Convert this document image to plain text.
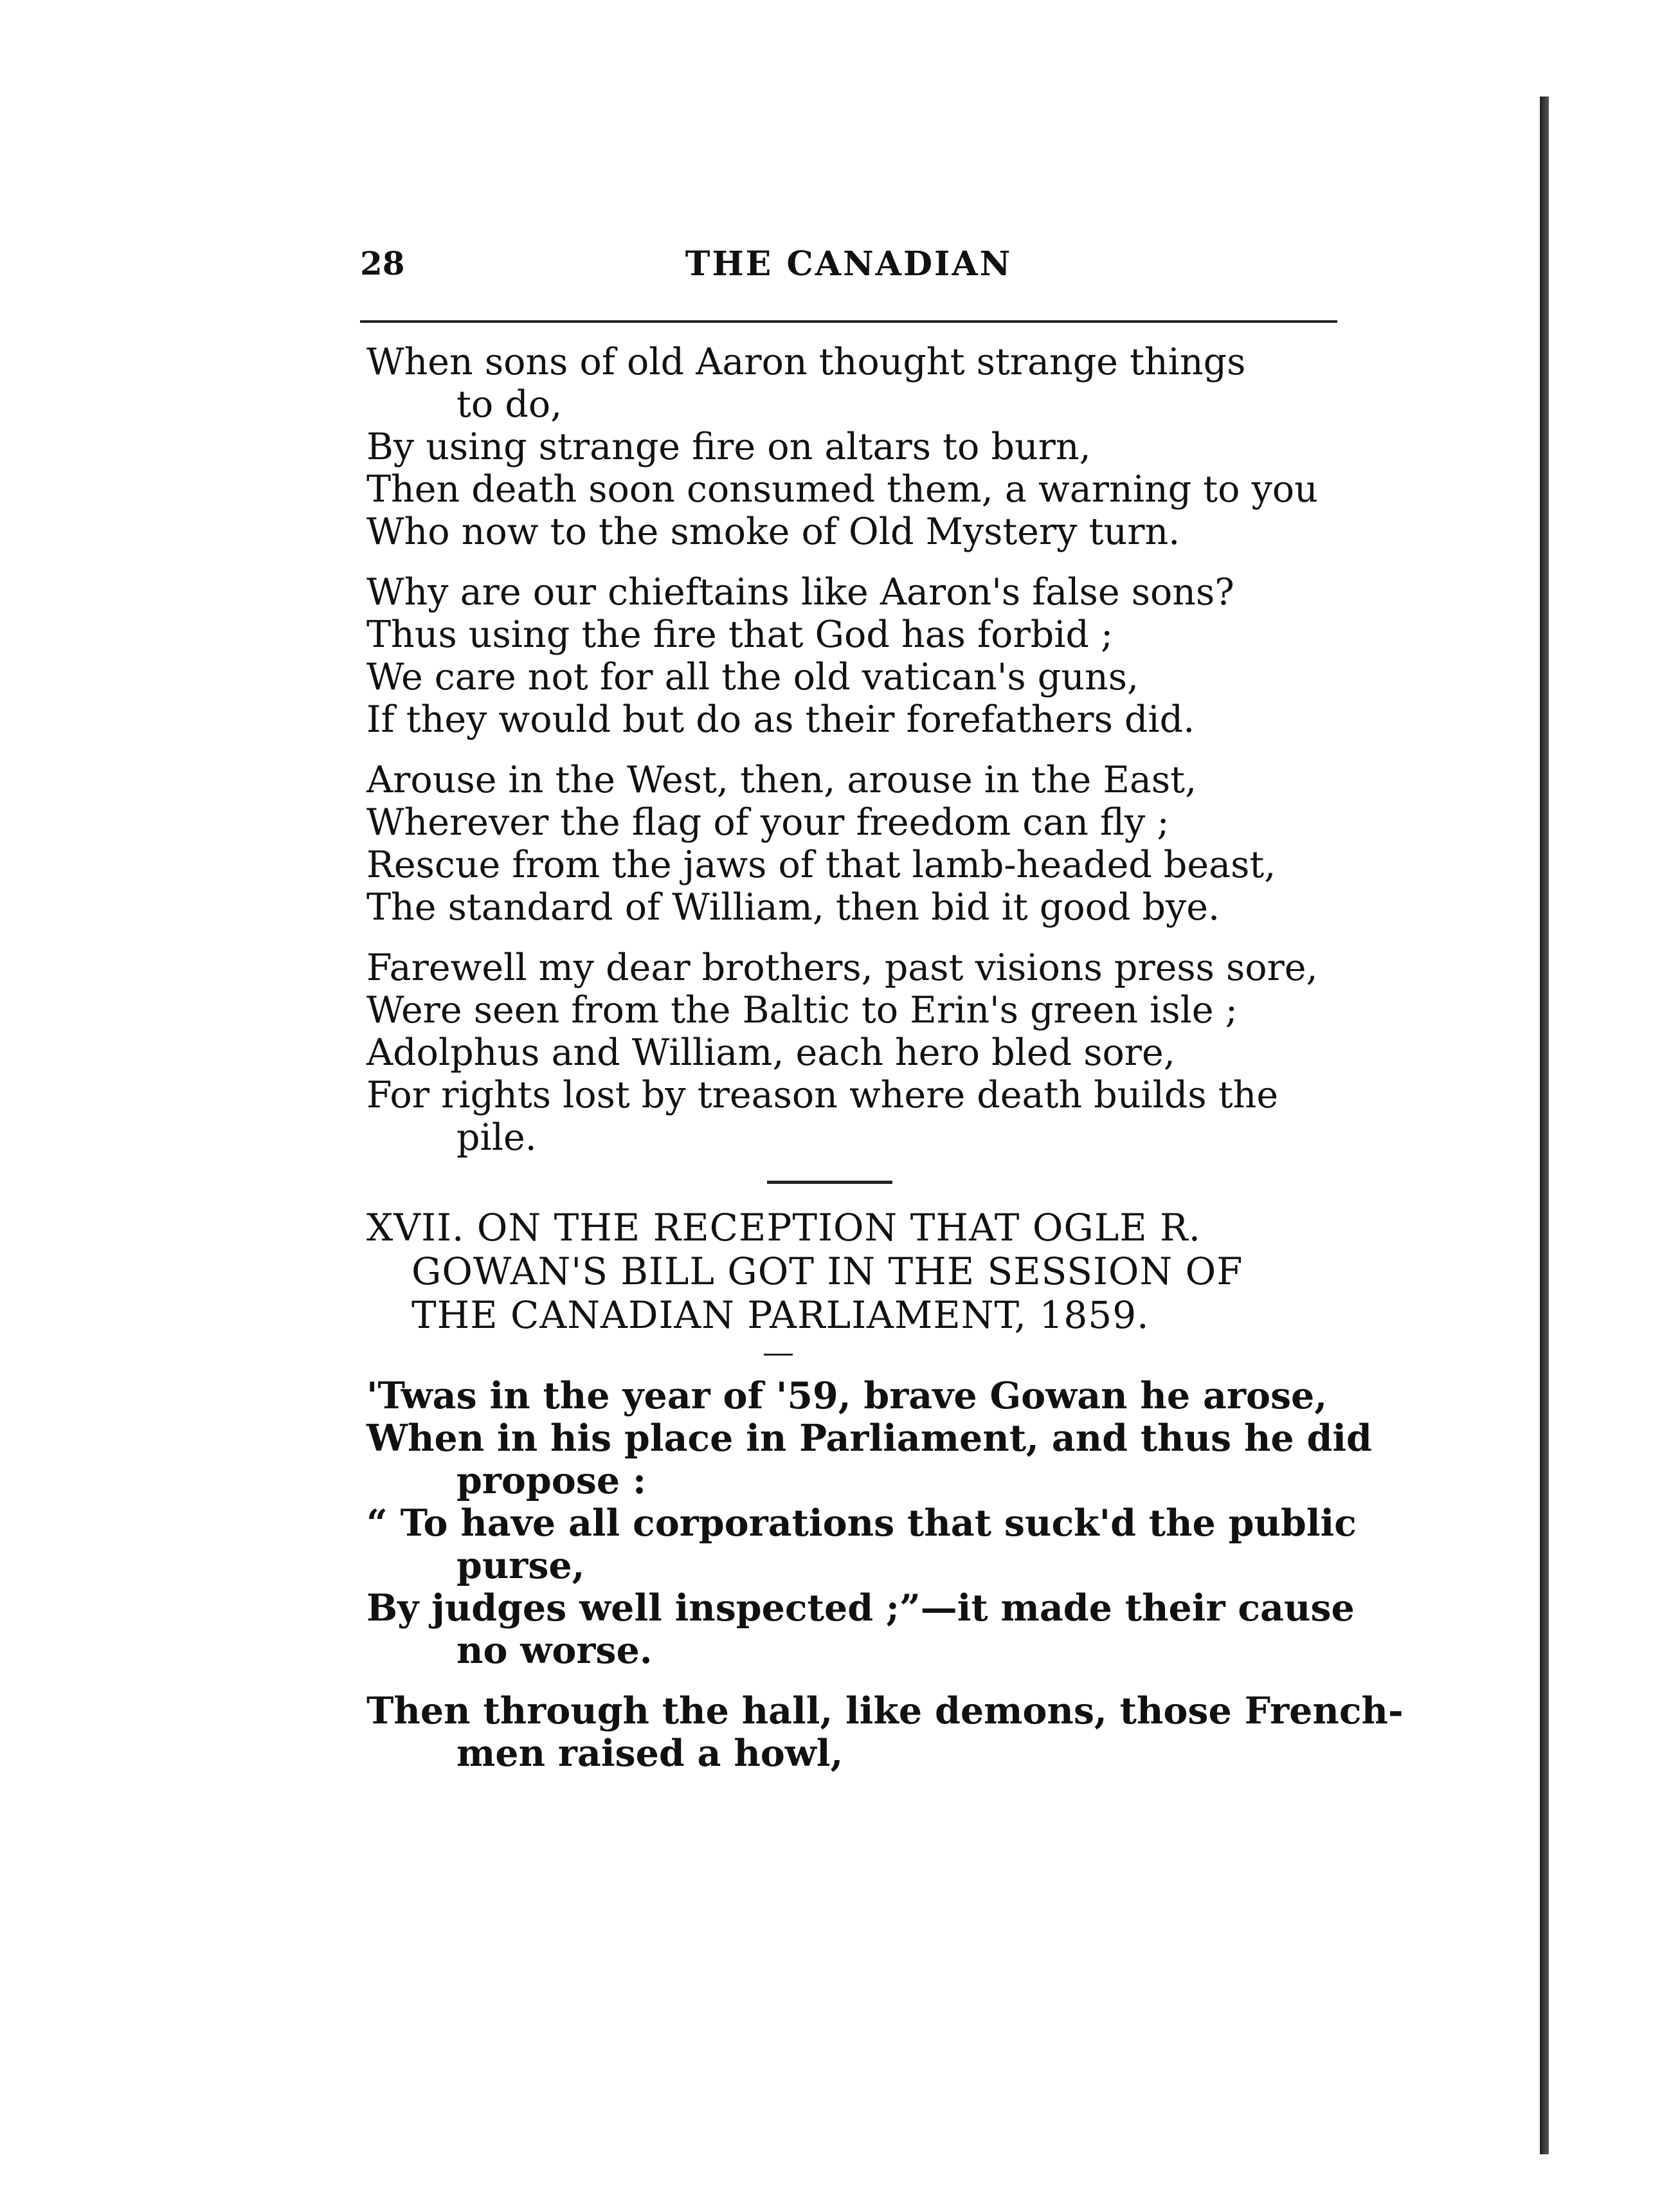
28	THE CANADIAN
When sons of old Aaron thought strange things
to do,
By using strange fire on altars to burn,
Then death soon consumed them, a warning to you
Who now to the smoke of Old Mystery turn.
Why are our chieftains like Aaron's false sons?
Thus using the fire that God has forbid ;
We care not for all the old vatican's guns,
If they would but do as their forefathers did.
Arouse in the West, then, arouse in the East,
Wherever the flag of your freedom can fly ;
Rescue from the jaws of that lamb-headed beast,
The standard of William, then bid it good bye.
Farewell my dear brothers, past visions press sore,
Were seen from the Baltic to Erin's green isle ;
Adolphus and William, each hero bled sore,
For rights lost by treason where death builds the
pile.
XVII. ON THE RECEPTION THAT OGLE R.
GOWAN'S BILL GOT IN THE SESSION OF
THE CANADIAN PARLIAMENT, 1859.
'Twas in the year of '59, brave Gowan he arose,
When in his place in Parliament, and thus he did
propose :
“ To have all corporations that suck'd the public
purse,
By judges well inspected ;”—it made their cause
no worse.
Then through the hall, like demons, those French-
men raised a howl,
